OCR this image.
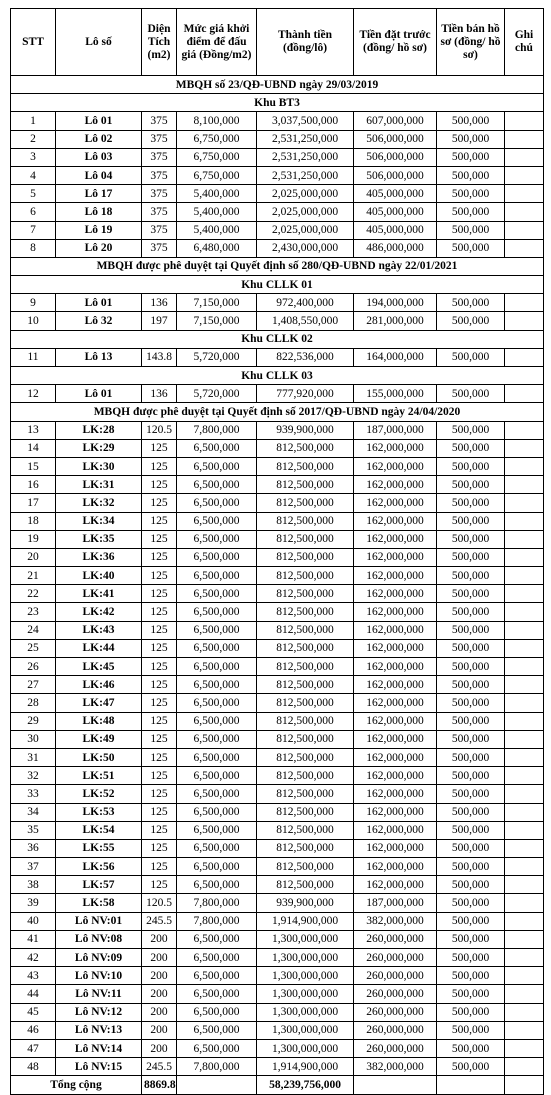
STT	Lô số	Diện Tích (m2)	Mức giá khởi điểm để đấu giá (Đồng/m2)	Thành tiền (đồng/lô)	Tiền đặt trước (đồng/ hồ sơ)	Tiền bán hồ sơ (đồng/ hồ sơ)	Ghi chú
MBQH số 23/QĐ-UBND ngày 29/03/2019							
Khu BT3							
1	Lô 01	375	8,100,000	3,037,500,000	607,000,000	500,000	
2	Lô 02	375	6,750,000	2,531,250,000	506,000,000	500,000	
3	Lô 03	375	6,750,000	2,531,250,000	506,000,000	500,000	
4	Lô 04	375	6,750,000	2,531,250,000	506,000,000	500,000	
5	Lô 17	375	5,400,000	2,025,000,000	405,000,000	500,000	
6	Lô 18	375	5,400,000	2,025,000,000	405,000,000	500,000	
7	Lô 19	375	5,400,000	2,025,000,000	405,000,000	500,000	
8	Lô 20	375	6,480,000	2,430,000,000	486,000,000	500,000	
MBQH được phê duyệt tại Quyết định số 280/QĐ-UBND ngày 22/01/2021							
Khu CLLK 01							
9	Lô 01	136	7,150,000	972,400,000	194,000,000	500,000	
10	Lô 32	197	7,150,000	1,408,550,000	281,000,000	500,000	
Khu CLLK 02							
11	Lô 13	143.8	5,720,000	822,536,000	164,000,000	500,000	
Khu CLLK 03							
12	Lô 01	136	5,720,000	777,920,000	155,000,000	500,000	
MBQH được phê duyệt tại Quyết định số 2017/QĐ-UBND ngày 24/04/2020							
13	LK:28	120.5	7,800,000	939,900,000	187,000,000	500,000	
14	LK:29	125	6,500,000	812,500,000	162,000,000	500,000	
15	LK:30	125	6,500,000	812,500,000	162,000,000	500,000	
16	LK:31	125	6,500,000	812,500,000	162,000,000	500,000	
17	LK:32	125	6,500,000	812,500,000	162,000,000	500,000	
18	LK:34	125	6,500,000	812,500,000	162,000,000	500,000	
19	LK:35	125	6,500,000	812,500,000	162,000,000	500,000	
20	LK:36	125	6,500,000	812,500,000	162,000,000	500,000	
21	LK:40	125	6,500,000	812,500,000	162,000,000	500,000	
22	LK:41	125	6,500,000	812,500,000	162,000,000	500,000	
23	LK:42	125	6,500,000	812,500,000	162,000,000	500,000	
24	LK:43	125	6,500,000	812,500,000	162,000,000	500,000	
25	LK:44	125	6,500,000	812,500,000	162,000,000	500,000	
26	LK:45	125	6,500,000	812,500,000	162,000,000	500,000	
27	LK:46	125	6,500,000	812,500,000	162,000,000	500,000	
28	LK:47	125	6,500,000	812,500,000	162,000,000	500,000	
29	LK:48	125	6,500,000	812,500,000	162,000,000	500,000	
30	LK:49	125	6,500,000	812,500,000	162,000,000	500,000	
31	LK:50	125	6,500,000	812,500,000	162,000,000	500,000	
32	LK:51	125	6,500,000	812,500,000	162,000,000	500,000	
33	LK:52	125	6,500,000	812,500,000	162,000,000	500,000	
34	LK:53	125	6,500,000	812,500,000	162,000,000	500,000	
35	LK:54	125	6,500,000	812,500,000	162,000,000	500,000	
36	LK:55	125	6,500,000	812,500,000	162,000,000	500,000	
37	LK:56	125	6,500,000	812,500,000	162,000,000	500,000	
38	LK:57	125	6,500,000	812,500,000	162,000,000	500,000	
39	LK:58	120.5	7,800,000	939,900,000	187,000,000	500,000	
40	Lô NV:01	245.5	7,800,000	1,914,900,000	382,000,000	500,000	
41	Lô NV:08	200	6,500,000	1,300,000,000	260,000,000	500,000	
42	Lô NV:09	200	6,500,000	1,300,000,000	260,000,000	500,000	
43	Lô NV:10	200	6,500,000	1,300,000,000	260,000,000	500,000	
44	Lô NV:11	200	6,500,000	1,300,000,000	260,000,000	500,000	
45	Lô NV:12	200	6,500,000	1,300,000,000	260,000,000	500,000	
46	Lô NV:13	200	6,500,000	1,300,000,000	260,000,000	500,000	
47	Lô NV:14	200	6,500,000	1,300,000,000	260,000,000	500,000	
48	Lô NV:15	245.5	7,800,000	1,914,900,000	382,000,000	500,000	
Tổng cộng		8869.8		58,239,756,000			
